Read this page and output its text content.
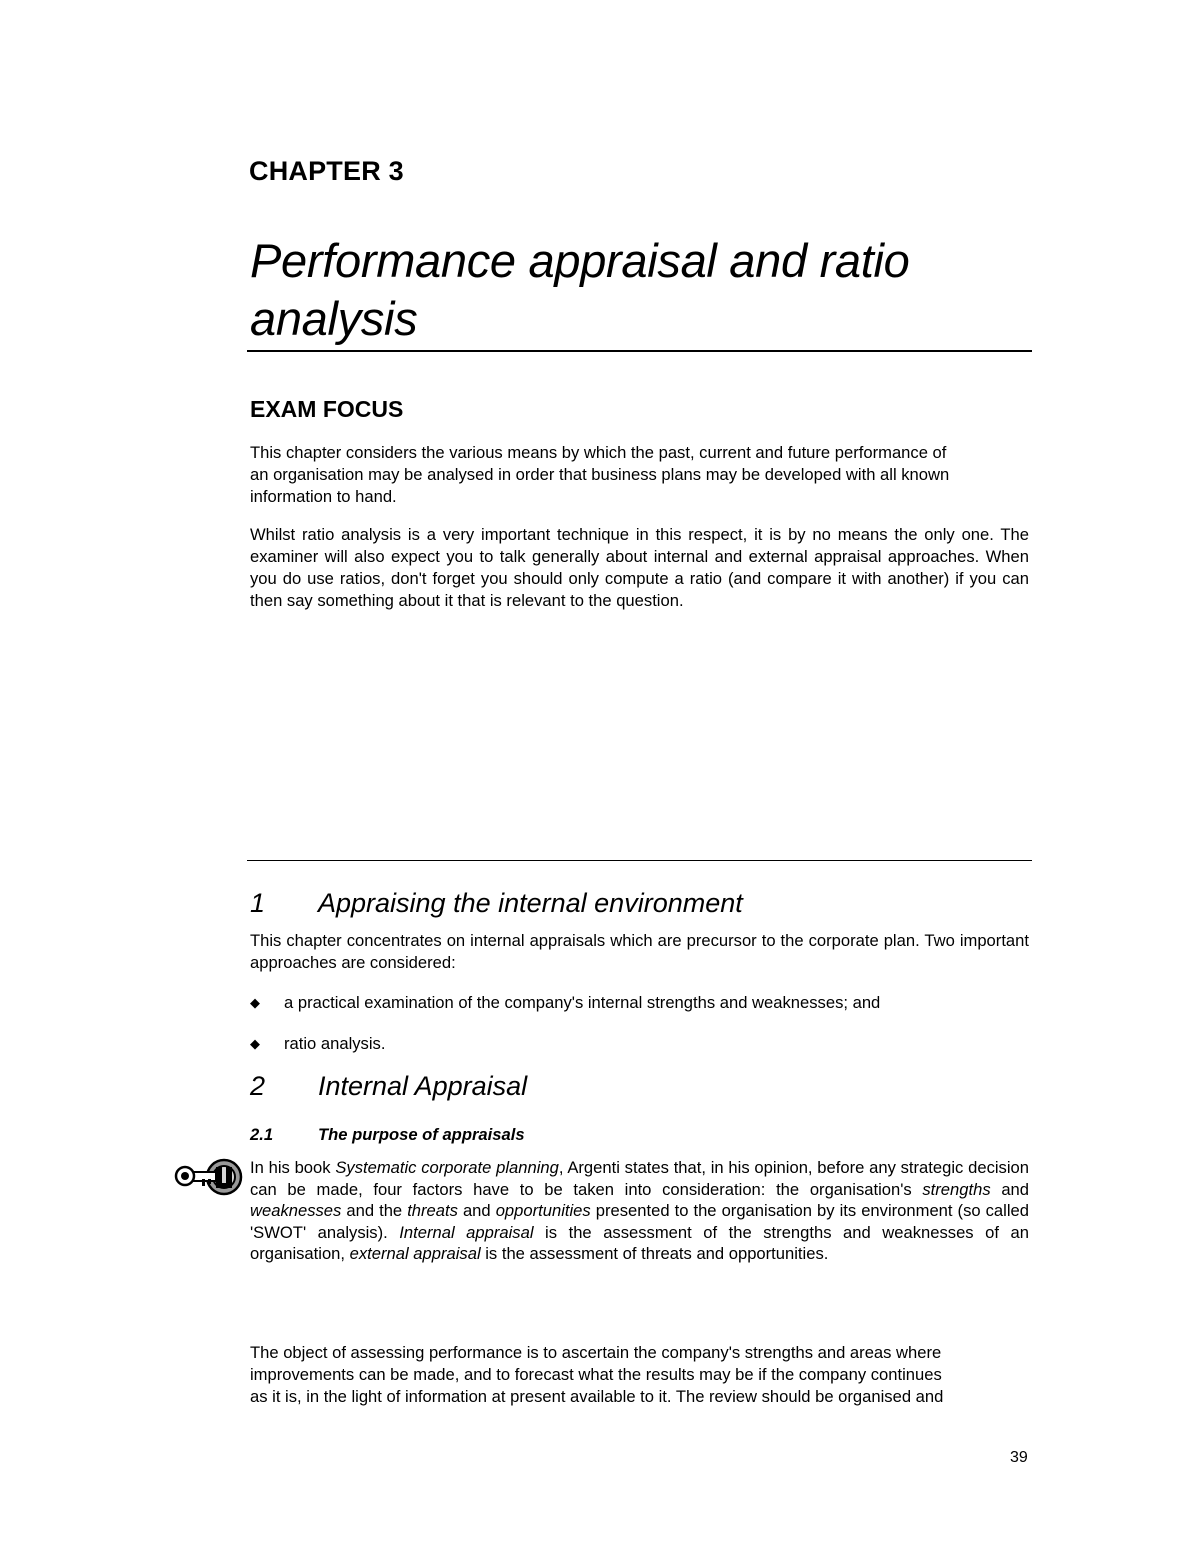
CHAPTER 3
Performance appraisal and ratio
analysis
EXAM FOCUS
This chapter considers the various means by which the past, current and future performance of
an organisation may be analysed in order that business plans may be developed with all known
information to hand.
Whilst ratio analysis is a very important technique in this respect, it is by no means the only one. The examiner will also expect you to talk generally about internal and external appraisal approaches. When you do use ratios, don't forget you should only compute a ratio (and compare it with another) if you can then say something about it that is relevant to the question.
1 Appraising the internal environment
This chapter concentrates on internal appraisals which are precursor to the corporate plan. Two important approaches are considered:
◆ a practical examination of the company's internal strengths and weaknesses; and
◆ ratio analysis.
2 Internal Appraisal
2.1	The purpose of appraisals
In his book Systematic corporate planning, Argenti states that, in his opinion, before any strategic decision can be made, four factors have to be taken into consideration: the organisation's strengths and weaknesses and the threats and opportunities presented to the organisation by its environment (so called 'SWOT' analysis). Internal appraisal is the assessment of the strengths and weaknesses of an organisation, external appraisal is the assessment of threats and opportunities.
The object of assessing performance is to ascertain the company's strengths and areas where
improvements can be made, and to forecast what the results may be if the company continues
as it is, in the light of information at present available to it. The review should be organised and
39
